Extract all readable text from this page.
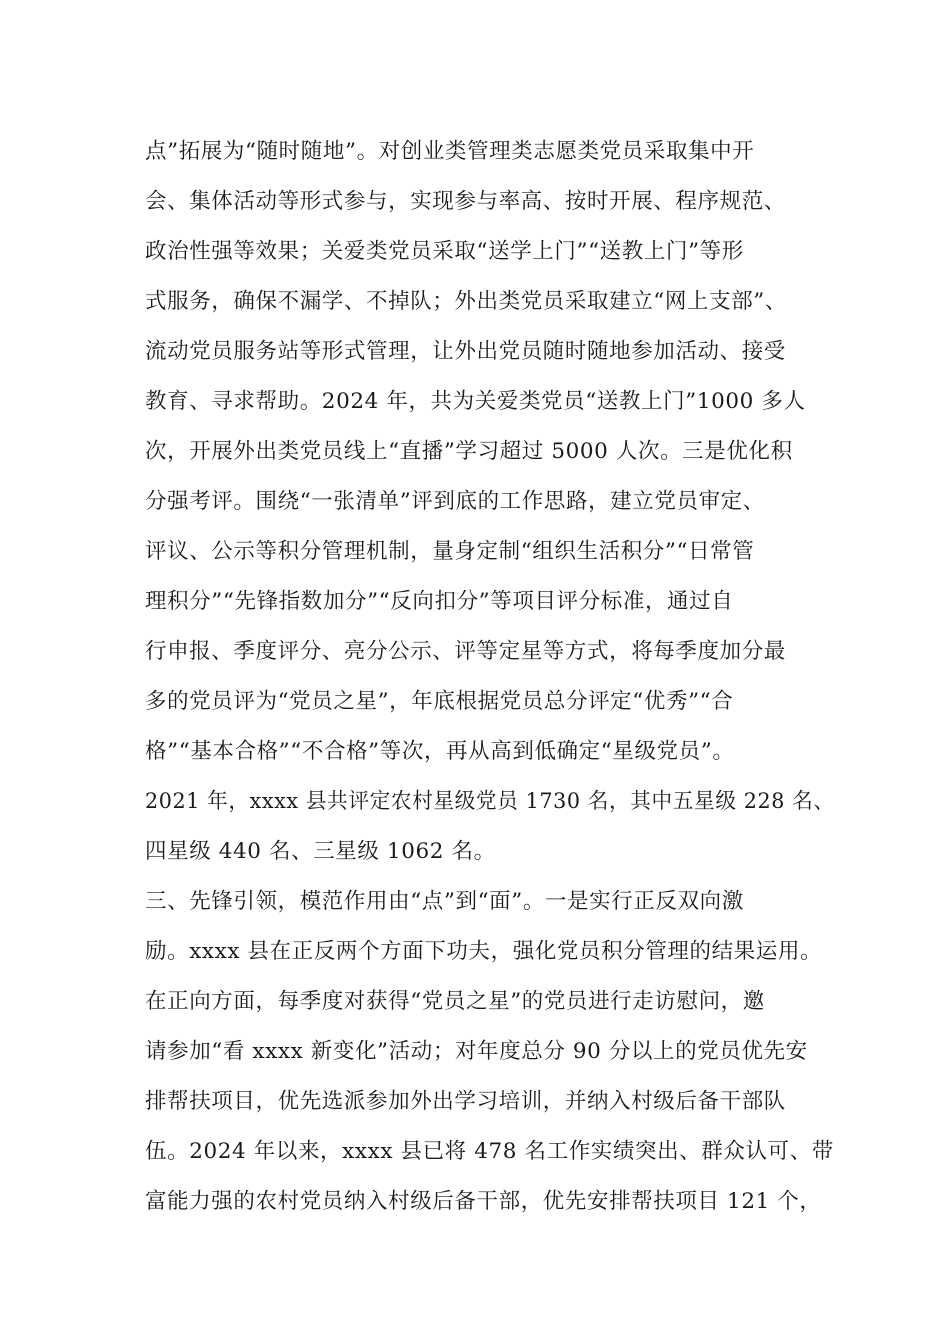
点”拓展为“随时随地”。对创业类管理类志愿类党员采取集中开
会、集体活动等形式参与，实现参与率高、按时开展、程序规范、
政治性强等效果；关爱类党员采取“送学上门”“送教上门”等形
式服务，确保不漏学、不掉队；外出类党员采取建立“网上支部”、
流动党员服务站等形式管理，让外出党员随时随地参加活动、接受
教育、寻求帮助。2024 年，共为关爱类党员“送教上门”1000 多人
次，开展外出类党员线上“直播”学习超过 5000 人次。三是优化积
分强考评。围绕“一张清单”评到底的工作思路，建立党员审定、
评议、公示等积分管理机制，量身定制“组织生活积分”“日常管
理积分”“先锋指数加分”“反向扣分”等项目评分标准，通过自
行申报、季度评分、亮分公示、评等定星等方式，将每季度加分最
多的党员评为“党员之星”，年底根据党员总分评定“优秀”“合
格”“基本合格”“不合格”等次，再从高到低确定“星级党员”。
2021 年，xxxx 县共评定农村星级党员 1730 名，其中五星级 228 名、
四星级 440 名、三星级 1062 名。
三、先锋引领，模范作用由“点”到“面”。一是实行正反双向激
励。xxxx 县在正反两个方面下功夫，强化党员积分管理的结果运用。
在正向方面，每季度对获得“党员之星”的党员进行走访慰问，邀
请参加“看 xxxx 新变化”活动；对年度总分 90 分以上的党员优先安
排帮扶项目，优先选派参加外出学习培训，并纳入村级后备干部队
伍。2024 年以来，xxxx 县已将 478 名工作实绩突出、群众认可、带
富能力强的农村党员纳入村级后备干部，优先安排帮扶项目 121 个，
